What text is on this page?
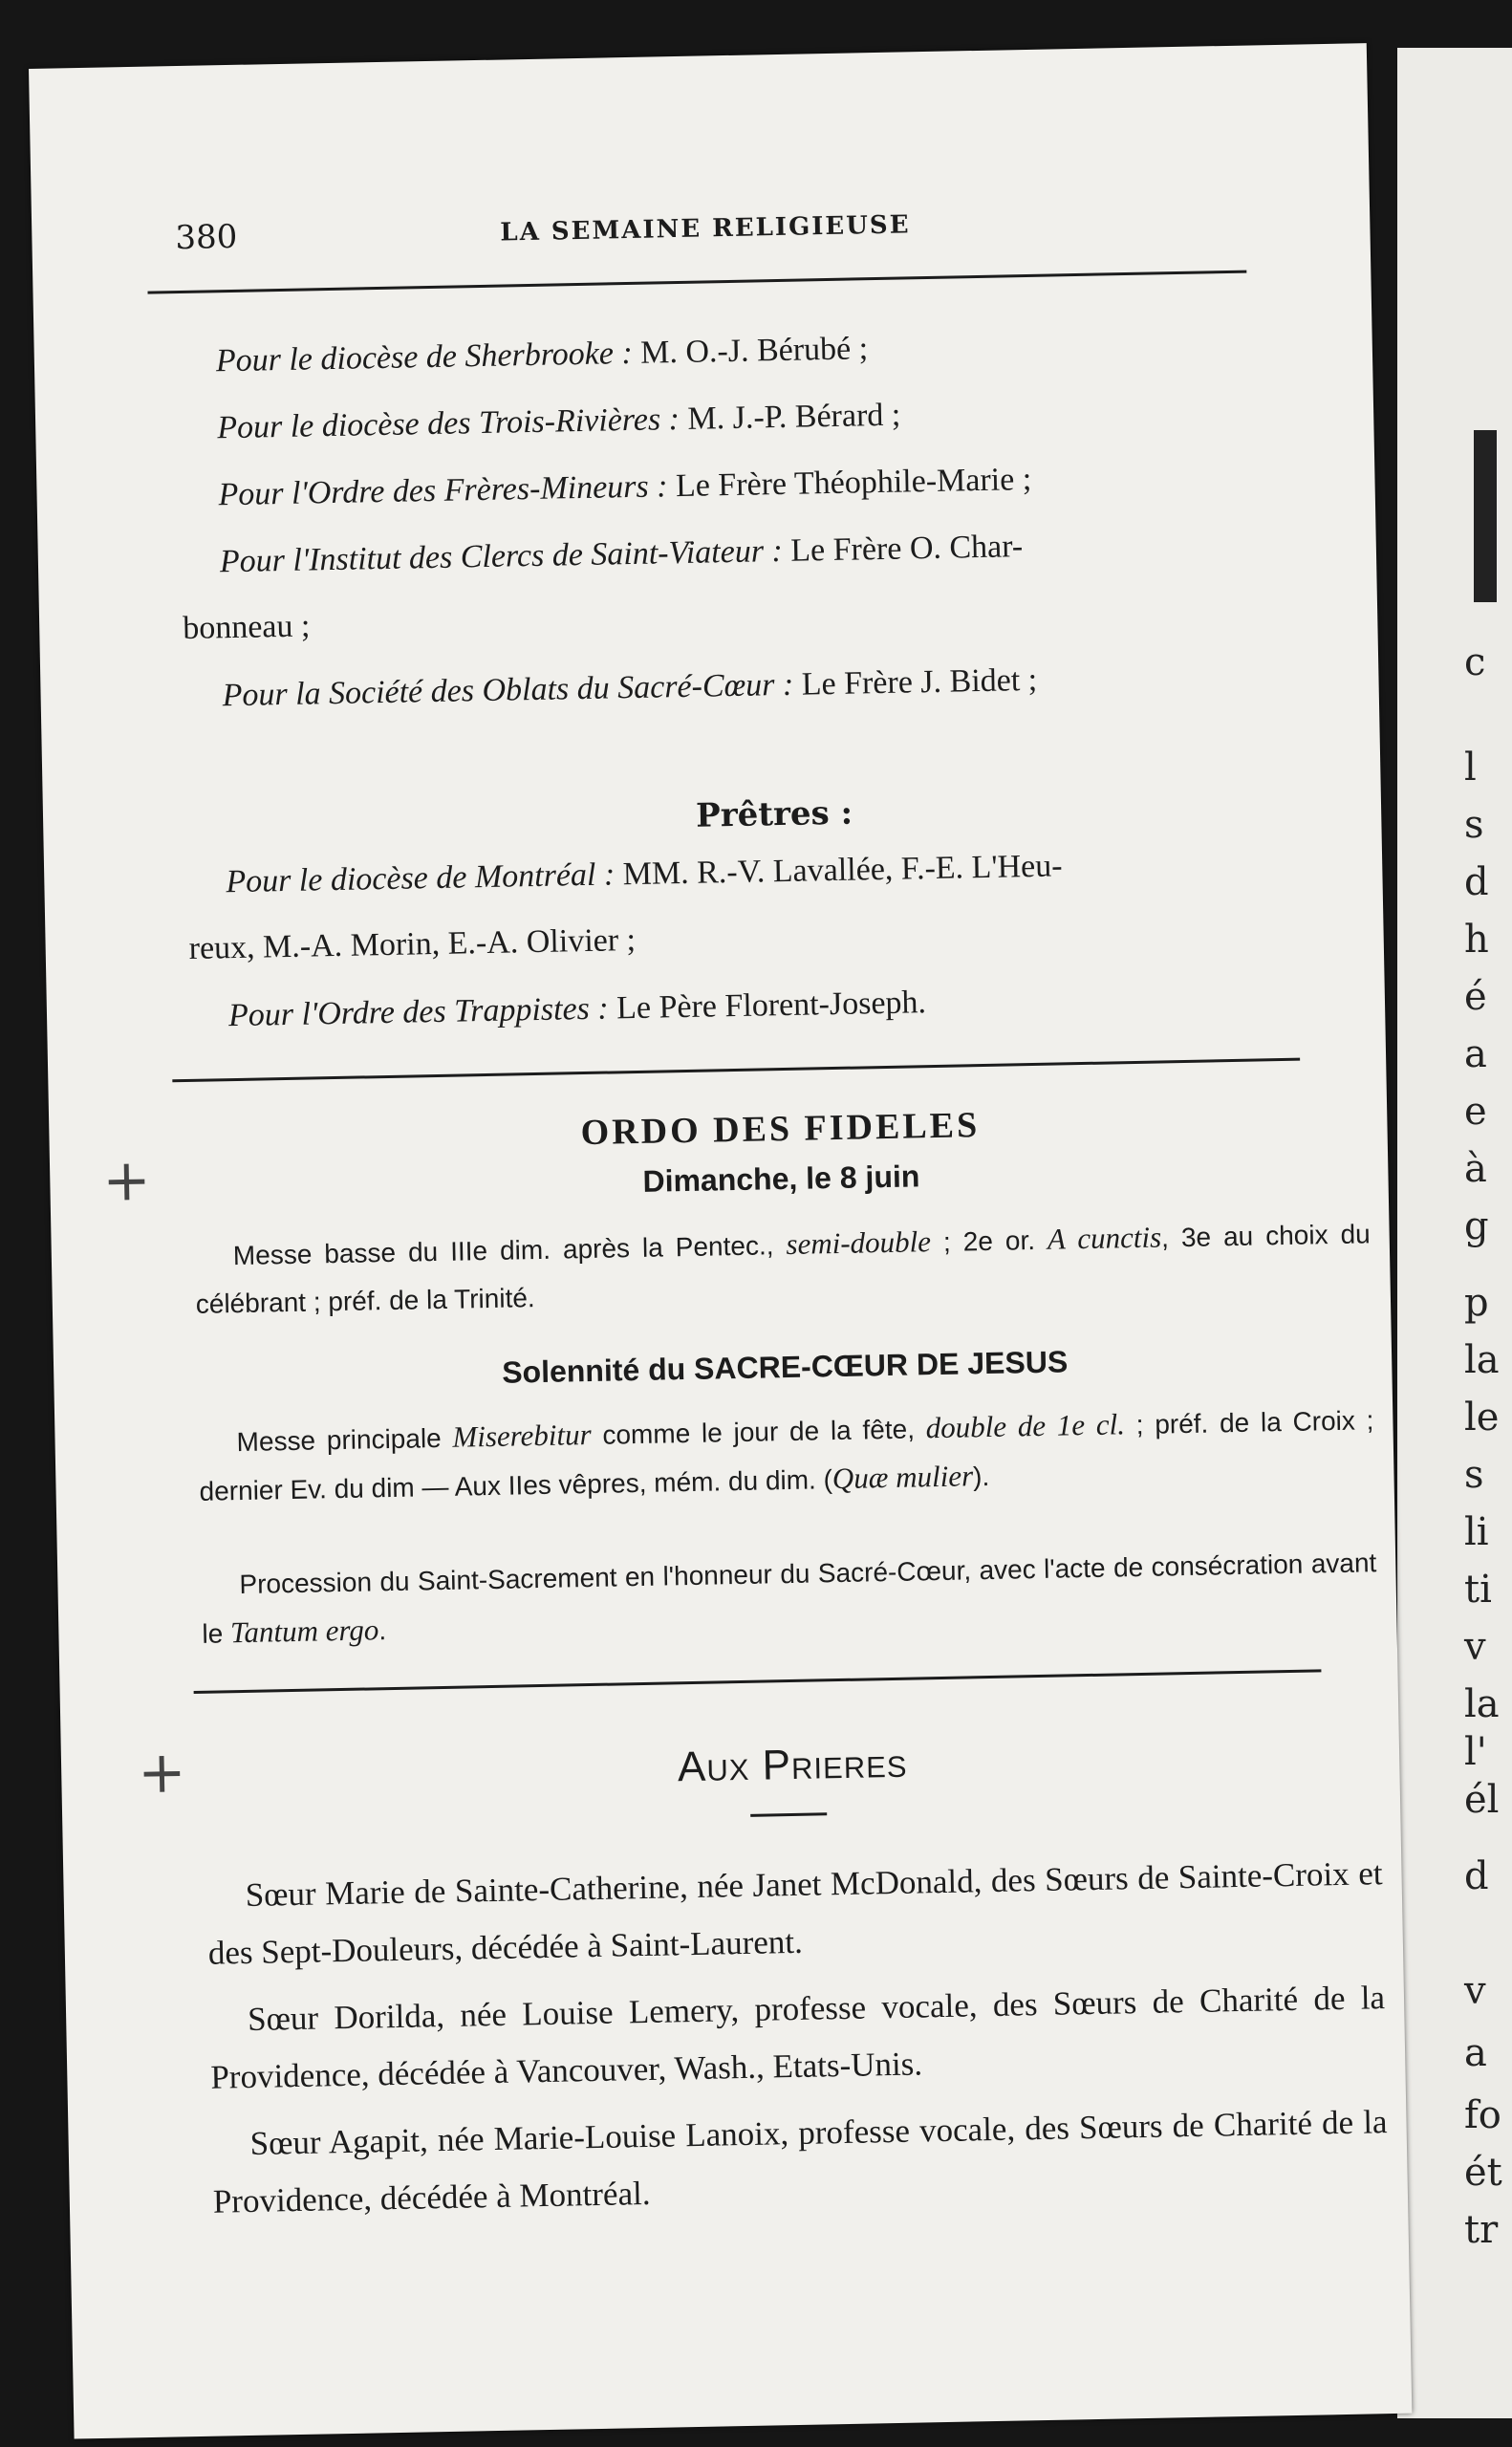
c
l
s
d
h
é
a
e
à
g
p
la
le
s
li
ti
v
la
l'
él
d
v
a
fo
ét
tr
380	LA SEMAINE RELIGIEUSE
Pour le diocèse de Sherbrooke : M. O.-J. Bérubé ;
Pour le diocèse des Trois-Rivières : M. J.-P. Bérard ;
Pour l'Ordre des Frères-Mineurs : Le Frère Théophile-Marie ;
Pour l'Institut des Clercs de Saint-Viateur : Le Frère O. Char-
bonneau ;
Pour la Société des Oblats du Sacré-Cœur : Le Frère J. Bidet ;
Prêtres :
Pour le diocèse de Montréal : MM. R.-V. Lavallée, F.-E. L'Heu-
reux, M.-A. Morin, E.-A. Olivier ;
Pour l'Ordre des Trappistes : Le Père Florent-Joseph.
ORDO DES FIDELES
Dimanche, le 8 juin
+
Messe basse du IIIe dim. après la Pentec., semi-double ; 2e or. A cunctis, 3e au choix du célébrant ; préf. de la Trinité.
Solennité du SACRE-CŒUR DE JESUS
Messe principale Miserebitur comme le jour de la fête, double de 1e cl. ; préf. de la Croix ; dernier Ev. du dim — Aux IIes vêpres, mém. du dim. (Quæ mulier).
Procession du Saint-Sacrement en l'honneur du Sacré-Cœur, avec l'acte de consécration avant le Tantum ergo.
+	Aux Prieres
Sœur Marie de Sainte-Catherine, née Janet McDonald, des Sœurs de Sainte-Croix et des Sept-Douleurs, décédée à Saint-Laurent.
Sœur Dorilda, née Louise Lemery, professe vocale, des Sœurs de Charité de la Providence, décédée à Vancouver, Wash., Etats-Unis.
Sœur Agapit, née Marie-Louise Lanoix, professe vocale, des Sœurs de Charité de la Providence, décédée à Montréal.
